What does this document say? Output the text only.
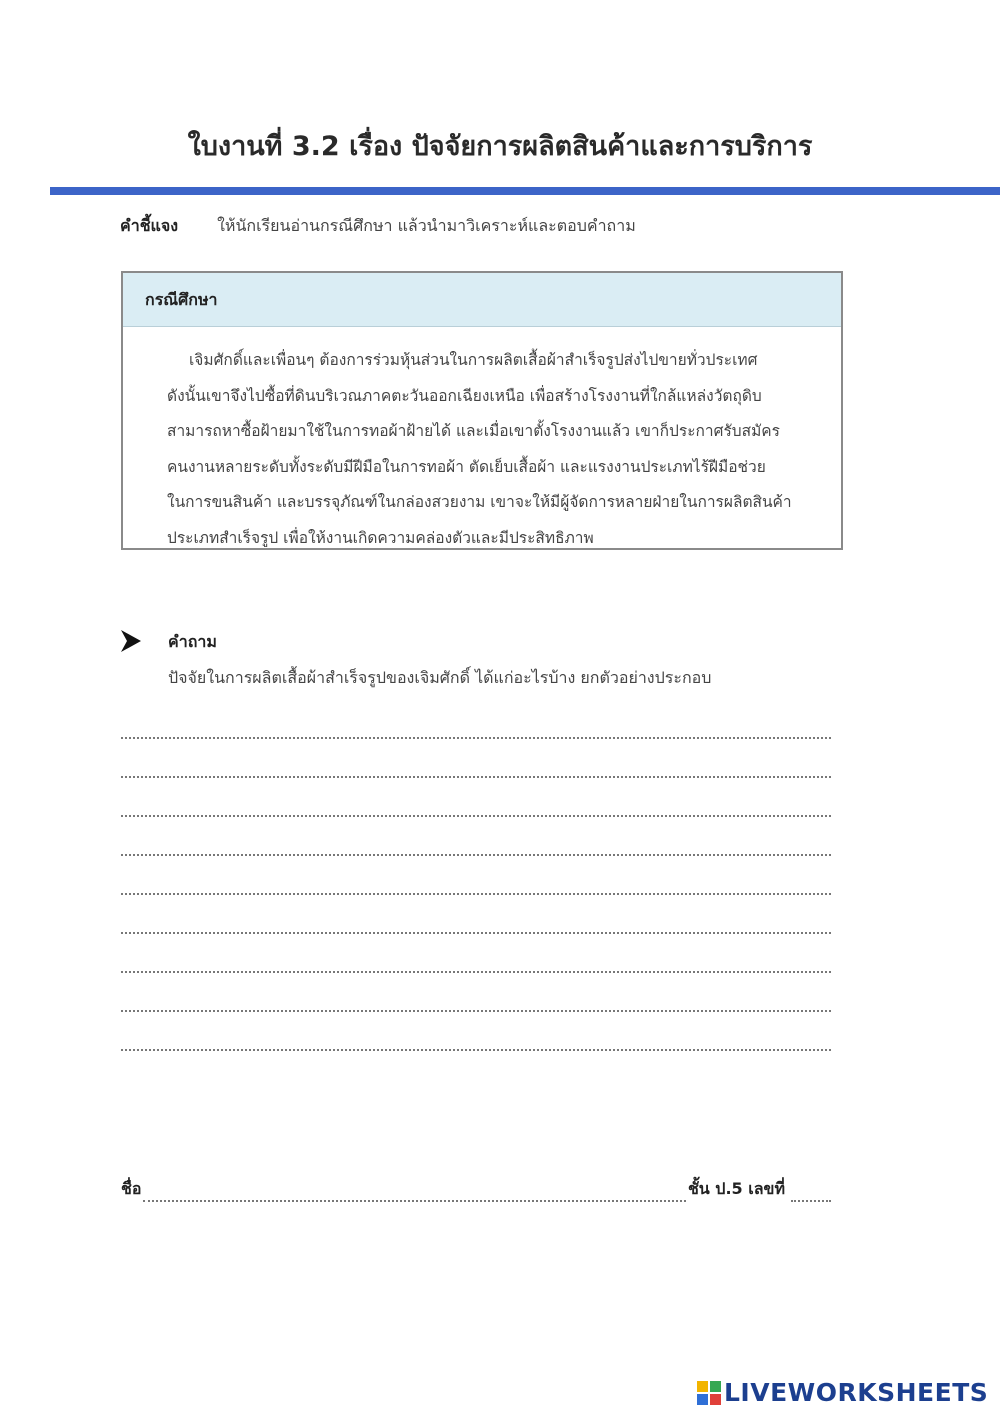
ใบงานที่ 3.2 เรื่อง ปัจจัยการผลิตสินค้าและการบริการ
คำชี้แจง ให้นักเรียนอ่านกรณีศึกษา แล้วนำมาวิเคราะห์และตอบคำถาม
กรณีศึกษา
เจิมศักดิ์และเพื่อนๆ ต้องการร่วมหุ้นส่วนในการผลิตเสื้อผ้าสำเร็จรูปส่งไปขายทั่วประเทศ
ดังนั้นเขาจึงไปซื้อที่ดินบริเวณภาคตะวันออกเฉียงเหนือ เพื่อสร้างโรงงานที่ใกล้แหล่งวัตถุดิบ
สามารถหาซื้อฝ้ายมาใช้ในการทอผ้าฝ้ายได้ และเมื่อเขาตั้งโรงงานแล้ว เขาก็ประกาศรับสมัคร
คนงานหลายระดับทั้งระดับมีฝีมือในการทอผ้า ตัดเย็บเสื้อผ้า และแรงงานประเภทไร้ฝีมือช่วย
ในการขนสินค้า และบรรจุภัณฑ์ในกล่องสวยงาม เขาจะให้มีผู้จัดการหลายฝ่ายในการผลิตสินค้า
ประเภทสำเร็จรูป เพื่อให้งานเกิดความคล่องตัวและมีประสิทธิภาพ
คำถาม
ปัจจัยในการผลิตเสื้อผ้าสำเร็จรูปของเจิมศักดิ์ ได้แก่อะไรบ้าง ยกตัวอย่างประกอบ
ชื่อ	ชั้น ป.5 เลขที่
LIVEWORKSHEETS
